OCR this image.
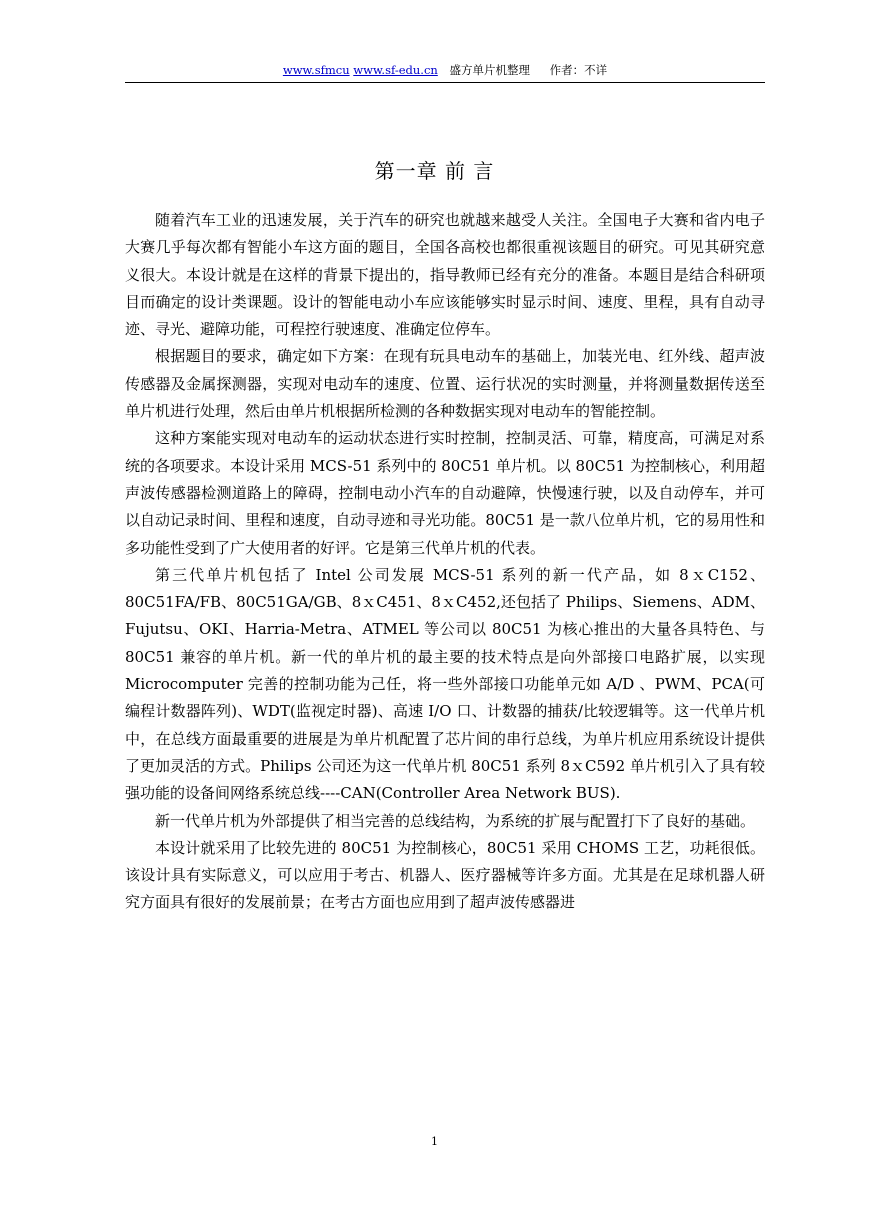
www.sfmcu www.sf-edu.cn 盛方单片机整理 作者：不详
第一章 前 言

随着汽车工业的迅速发展，关于汽车的研究也就越来越受人关注。全国电子大赛和省内电子大赛几乎每次都有智能小车这方面的题目，全国各高校也都很重视该题目的研究。可见其研究意义很大。本设计就是在这样的背景下提出的，指导教师已经有充分的准备。本题目是结合科研项目而确定的设计类课题。设计的智能电动小车应该能够实时显示时间、速度、里程，具有自动寻迹、寻光、避障功能，可程控行驶速度、准确定位停车。

根据题目的要求，确定如下方案：在现有玩具电动车的基础上，加装光电、红外线、超声波传感器及金属探测器，实现对电动车的速度、位置、运行状况的实时测量，并将测量数据传送至单片机进行处理，然后由单片机根据所检测的各种数据实现对电动车的智能控制。

这种方案能实现对电动车的运动状态进行实时控制，控制灵活、可靠，精度高，可满足对系统的各项要求。本设计采用 MCS-51 系列中的 80C51 单片机。以 80C51 为控制核心，利用超声波传感器检测道路上的障碍，控制电动小汽车的自动避障，快慢速行驶，以及自动停车，并可以自动记录时间、里程和速度，自动寻迹和寻光功能。80C51 是一款八位单片机，它的易用性和多功能性受到了广大使用者的好评。它是第三代单片机的代表。

第三代单片机包括了 Intel 公司发展 MCS-51 系列的新一代产品，如 8ｘC152、80C51FA/FB、80C51GA/GB、8ｘC451、8ｘC452,还包括了 Philips、Siemens、ADM、Fujutsu、OKI、Harria-Metra、ATMEL 等公司以 80C51 为核心推出的大量各具特色、与 80C51 兼容的单片机。新一代的单片机的最主要的技术特点是向外部接口电路扩展，以实现 Microcomputer 完善的控制功能为己任，将一些外部接口功能单元如 A/D 、PWM、PCA(可编程计数器阵列)、WDT(监视定时器)、高速 I/O 口、计数器的捕获/比较逻辑等。这一代单片机中，在总线方面最重要的进展是为单片机配置了芯片间的串行总线，为单片机应用系统设计提供了更加灵活的方式。Philips 公司还为这一代单片机 80C51 系列 8ｘC592 单片机引入了具有较强功能的设备间网络系统总线----CAN(Controller Area Network BUS).

新一代单片机为外部提供了相当完善的总线结构，为系统的扩展与配置打下了良好的基础。

本设计就采用了比较先进的 80C51 为控制核心，80C51 采用 CHOMS 工艺，功耗很低。该设计具有实际意义，可以应用于考古、机器人、医疗器械等许多方面。尤其是在足球机器人研究方面具有很好的发展前景；在考古方面也应用到了超声波传感器进

1
